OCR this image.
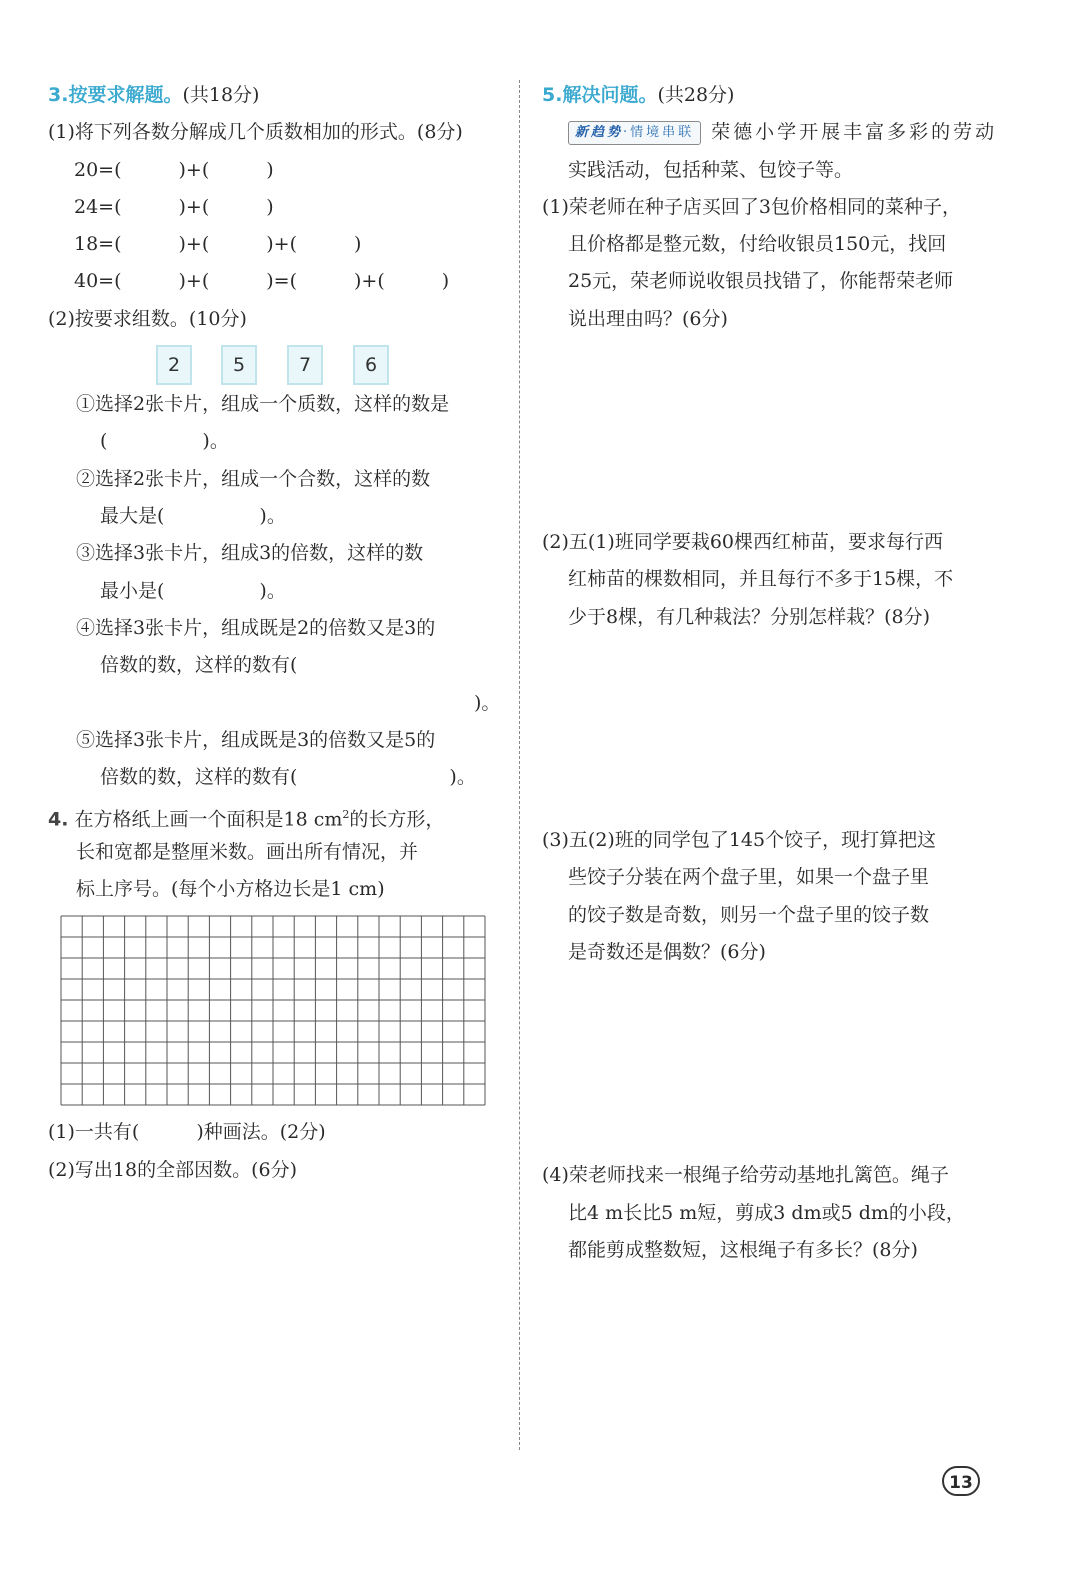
3.按要求解题。(共18分)
(1)将下列各数分解成几个质数相加的形式。(8分)
20=(　　　)+(　　　)
24=(　　　)+(　　　)
18=(　　　)+(　　　)+(　　　)
40=(　　　)+(　　　)=(　　　)+(　　　)
(2)按要求组数。(10分)
2	5	7	6
①选择2张卡片，组成一个质数，这样的数是
(　　　　　)。
②选择2张卡片，组成一个合数，这样的数
最大是(　　　　　)。
③选择3张卡片，组成3的倍数，这样的数
最小是(　　　　　)。
④选择3张卡片，组成既是2的倍数又是3的
倍数的数，这样的数有(
)。
⑤选择3张卡片，组成既是3的倍数又是5的
倍数的数，这样的数有(　　　　　　　　)。
4. 在方格纸上画一个面积是18 $cm^2$的长方形，
长和宽都是整厘米数。画出所有情况，并
标上序号。(每个小方格边长是1 cm)
(1)一共有(　　　)种画法。(2分)
(2)写出18的全部因数。(6分)
5.解决问题。(共28分)
新趋势·情境串联 荣德小学开展丰富多彩的劳动
实践活动，包括种菜、包饺子等。
(1)荣老师在种子店买回了3包价格相同的菜种子，
且价格都是整元数，付给收银员150元，找回
25元，荣老师说收银员找错了，你能帮荣老师
说出理由吗？(6分)
(2)五(1)班同学要栽60棵西红柿苗，要求每行西
红柿苗的棵数相同，并且每行不多于15棵，不
少于8棵，有几种栽法？分别怎样栽？(8分)
(3)五(2)班的同学包了145个饺子，现打算把这
些饺子分装在两个盘子里，如果一个盘子里
的饺子数是奇数，则另一个盘子里的饺子数
是奇数还是偶数？(6分)
(4)荣老师找来一根绳子给劳动基地扎篱笆。绳子
比4 m长比5 m短，剪成3 dm或5 dm的小段，
都能剪成整数短，这根绳子有多长？(8分)
13
